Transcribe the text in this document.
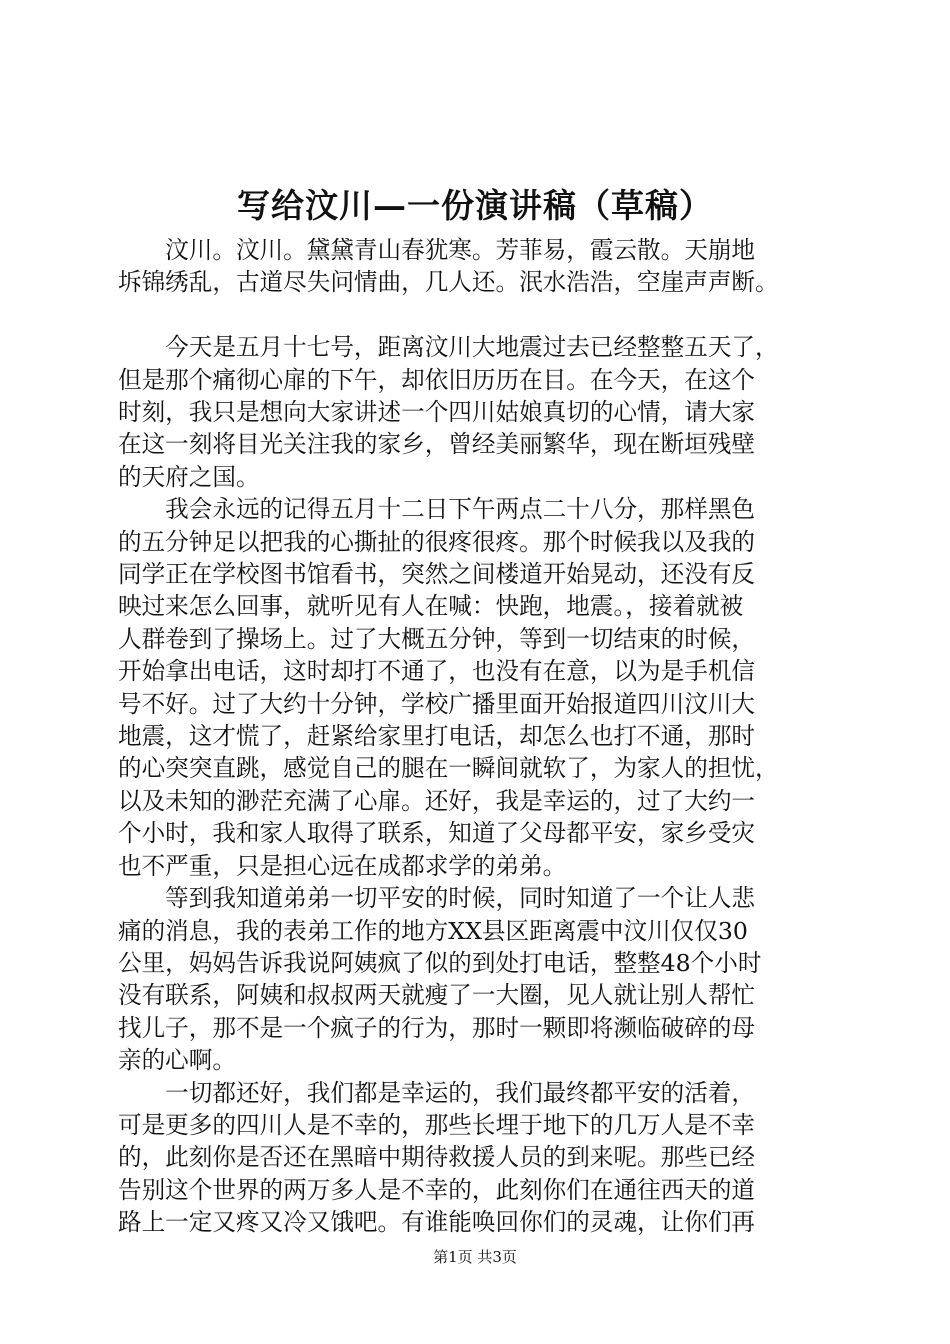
写给汶川—一份演讲稿（草稿）
　　汶川。汶川。黛黛青山春犹寒。芳菲易，霞云散。天崩地
坼锦绣乱，古道尽失问情曲，几人还。泯水浩浩，空崖声声断。
　　今天是五月十七号，距离汶川大地震过去已经整整五天了，
但是那个痛彻心扉的下午，却依旧历历在目。在今天，在这个
时刻，我只是想向大家讲述一个四川姑娘真切的心情，请大家
在这一刻将目光关注我的家乡，曾经美丽繁华，现在断垣残壁
的天府之国。
　　我会永远的记得五月十二日下午两点二十八分，那样黑色
的五分钟足以把我的心撕扯的很疼很疼。那个时候我以及我的
同学正在学校图书馆看书，突然之间楼道开始晃动，还没有反
映过来怎么回事，就听见有人在喊：快跑，地震。，接着就被
人群卷到了操场上。过了大概五分钟，等到一切结束的时候，
开始拿出电话，这时却打不通了，也没有在意，以为是手机信
号不好。过了大约十分钟，学校广播里面开始报道四川汶川大
地震，这才慌了，赶紧给家里打电话，却怎么也打不通，那时
的心突突直跳，感觉自己的腿在一瞬间就软了，为家人的担忧，
以及未知的渺茫充满了心扉。还好，我是幸运的，过了大约一
个小时，我和家人取得了联系，知道了父母都平安，家乡受灾
也不严重，只是担心远在成都求学的弟弟。
　　等到我知道弟弟一切平安的时候，同时知道了一个让人悲
痛的消息，我的表弟工作的地方XX县区距离震中汶川仅仅30
公里，妈妈告诉我说阿姨疯了似的到处打电话，整整48个小时
没有联系，阿姨和叔叔两天就瘦了一大圈，见人就让别人帮忙
找儿子，那不是一个疯子的行为，那时一颗即将濒临破碎的母
亲的心啊。
　　一切都还好，我们都是幸运的，我们最终都平安的活着，
可是更多的四川人是不幸的，那些长埋于地下的几万人是不幸
的，此刻你是否还在黑暗中期待救援人员的到来呢。那些已经
告别这个世界的两万多人是不幸的，此刻你们在通往西天的道
路上一定又疼又冷又饿吧。有谁能唤回你们的灵魂，让你们再
第1页 共3页
